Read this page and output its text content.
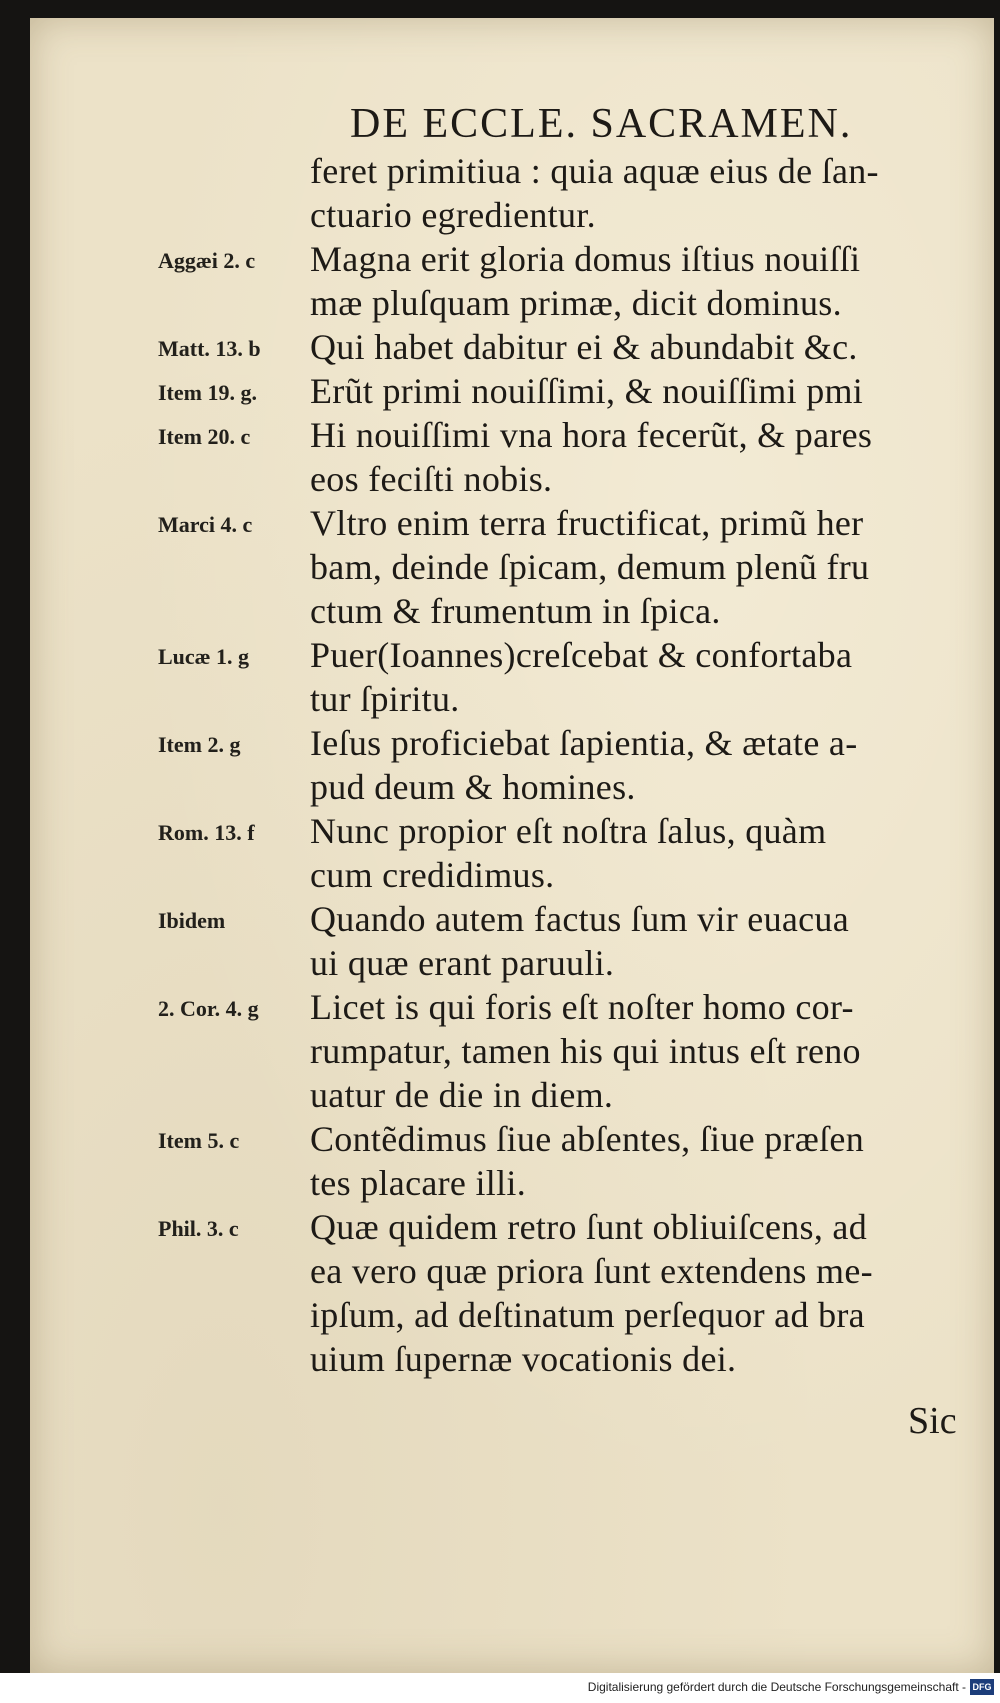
DE ECCLE. SACRAMEN.
feret primitiua : quia aquæ eius de ſan-
ctuario egredientur.
Magna erit gloria domus iſtius nouiſſi
mæ pluſquam primæ, dicit dominus.
Qui habet dabitur ei & abundabit &c.
Erũt primi nouiſſimi, & nouiſſimi pmi
Hi nouiſſimi vna hora fecerũt, & pares
eos feciſti nobis.
Vltro enim terra fructificat, primũ her
bam, deinde ſpicam, demum plenũ fru
ctum & frumentum in ſpica.
Puer(Ioannes)creſcebat & confortaba
tur ſpiritu.
Ieſus proficiebat ſapientia, & ætate a-
pud deum & homines.
Nunc propior eſt noſtra ſalus, quàm
cum credidimus.
Quando autem factus ſum vir euacua
ui quæ erant paruuli.
Licet is qui foris eſt noſter homo cor-
rumpatur, tamen his qui intus eſt reno
uatur de die in diem.
Contẽdimus ſiue abſentes, ſiue præſen
tes placare illi.
Quæ quidem retro ſunt obliuiſcens, ad
ea vero quæ priora ſunt extendens me-
ipſum, ad deſtinatum perſequor ad bra
uium ſupernæ vocationis dei.
Aggæi 2. c
Matt. 13. b
Item 19. g.
Item 20. c
Marci 4. c
Lucæ 1. g
Item 2. g
Rom. 13. f
Ibidem
2. Cor. 4. g
Item 5. c
Phil. 3. c
Sic
Digitalisierung gefördert durch die Deutsche Forschungsgemeinschaft - DFG
